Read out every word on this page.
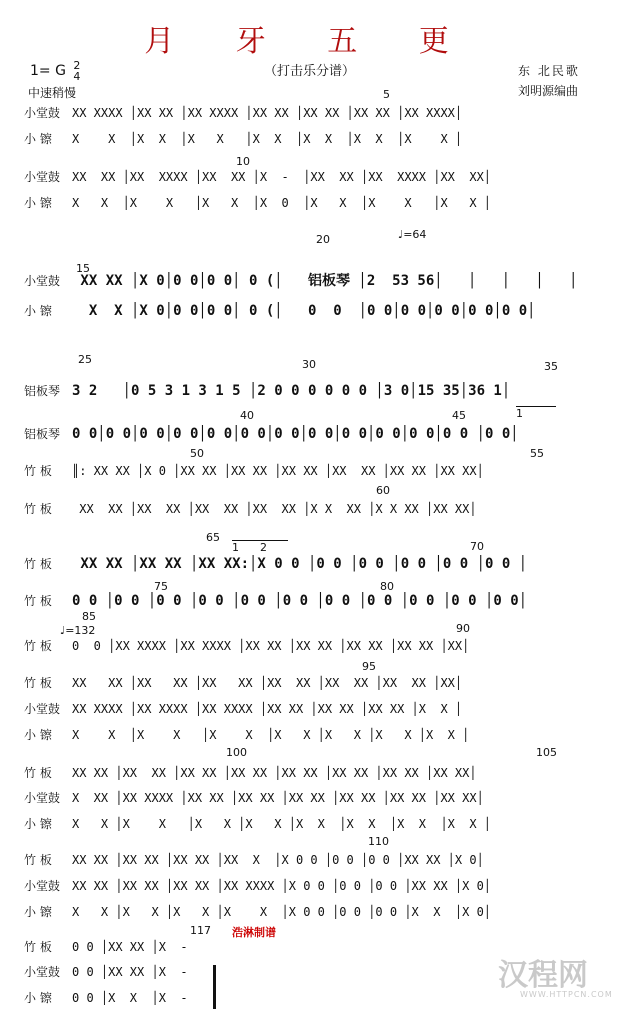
月 牙 五 更
（打击乐分谱）
1= G 2
4
中速稍慢
东 北民歌
刘明源编曲
5
10
15
20
25	30	35
40	45
50	55
60
65
70
75	80
85
90
95
100	105
110
117
♩=64
♩=132
1
1 2
小堂鼓 XX XXXX │XX XX │XX XXXX │XX XX │XX XX │XX XX │XX XXXX│
小 镲 X    X  │X  X  │X   X   │X  X  │X  X  │X  X  │X    X │
小堂鼓 XX  XX │XX  XXXX │XX  XX │X  -  │XX  XX │XX  XXXX │XX  XX│
小 镲 X   X  │X    X   │X   X  │X  0  │X   X  │X    X   │X   X │
小堂鼓 XX XX │X 0│0 0│0 0│ 0 (│   铝板琴 │2  53 56│   │   │   │   │
小 镲 X  X │X 0│0 0│0 0│ 0 (│   0  0  │0 0│0 0│0 0│0 0│0 0│
铝板琴 3 2   │0 5 3 1 3 1 5 │2 0 0 0 0 0 0 │3 0│15 35│36 1│
铝板琴 0 0│0 0│0 0│0 0│0 0│0 0│0 0│0 0│0 0│0 0│0 0│0 0 │0 0│
竹 板 ║: XX XX │X 0 │XX XX │XX XX │XX XX │XX  XX │XX XX │XX XX│
竹 板 XX  XX │XX  XX │XX  XX │XX  XX │X X  XX │X X XX │XX XX│
竹 板 XX XX │XX XX │XX XX:│X 0 0 │0 0 │0 0 │0 0 │0 0 │0 0 │
竹 板 0 0 │0 0 │0 0 │0 0 │0 0 │0 0 │0 0 │0 0 │0 0 │0 0 │0 0│
竹 板 0  0 │XX XXXX │XX XXXX │XX XX │XX XX │XX XX │XX XX │XX│
竹 板 XX   XX │XX   XX │XX   XX │XX  XX │XX  XX │XX  XX │XX│
小堂鼓 XX XXXX │XX XXXX │XX XXXX │XX XX │XX XX │XX XX │X  X │
小 镲 X    X  │X    X   │X    X  │X   X │X   X │X   X │X  X │
竹 板 XX XX │XX  XX │XX XX │XX XX │XX XX │XX XX │XX XX │XX XX│
小堂鼓 X  XX │XX XXXX │XX XX │XX XX │XX XX │XX XX │XX XX │XX XX│
小 镲 X   X │X    X   │X   X │X   X │X  X  │X  X  │X  X  │X  X │
竹 板 XX XX │XX XX │XX XX │XX  X  │X 0 0 │0 0 │0 0 │XX XX │X 0│
小堂鼓 XX XX │XX XX │XX XX │XX XXXX │X 0 0 │0 0 │0 0 │XX XX │X 0│
小 镲 X   X │X   X │X   X │X    X  │X 0 0 │0 0 │0 0 │X  X  │X 0│
竹 板 0 0 │XX XX │X  -
小堂鼓 0 0 │XX XX │X  -
小 镲 0 0 │X  X  │X  -
浩淋制谱
汉程网
WWW.HTTPCN.COM
